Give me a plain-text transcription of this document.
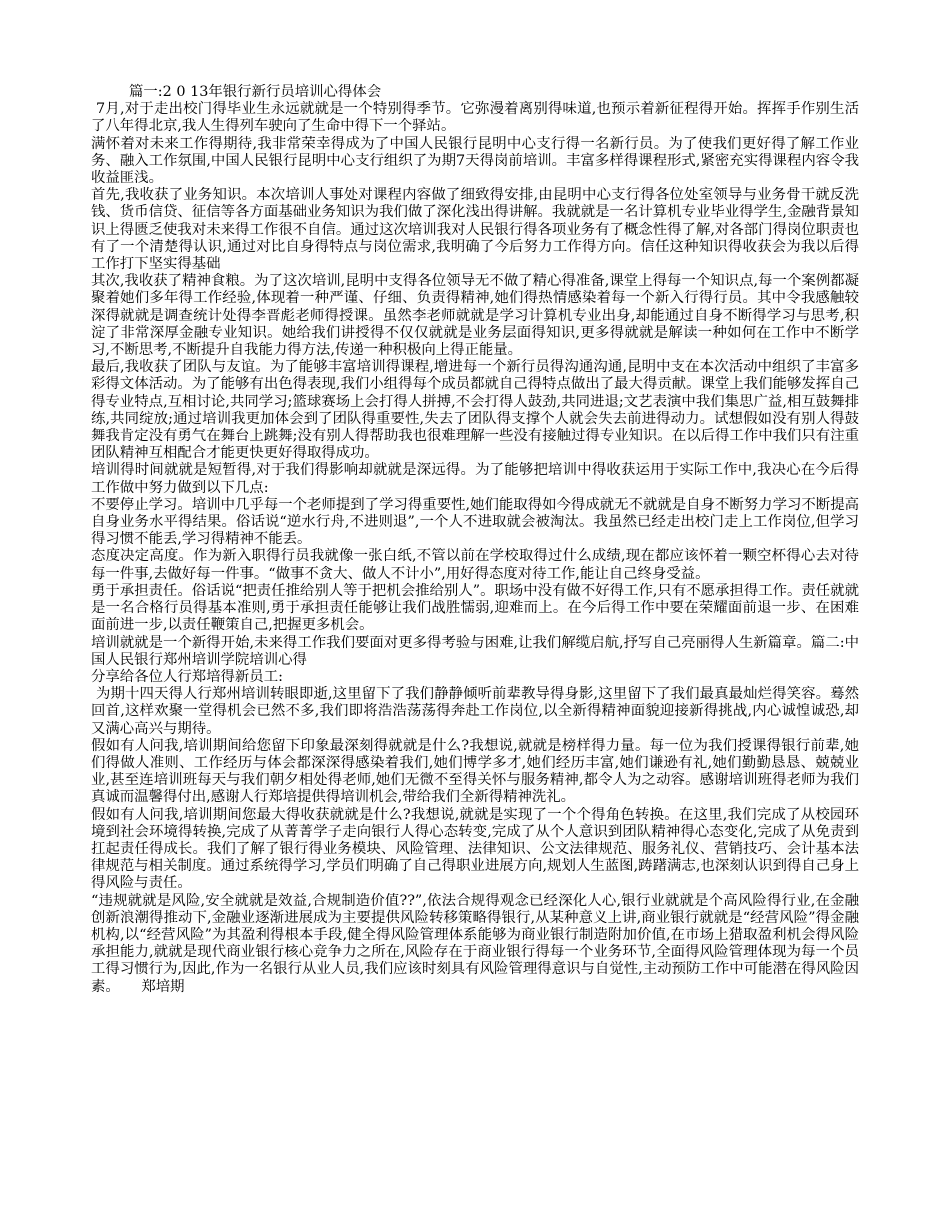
篇一:2 0 13年银行新行员培训心得体会

7月,对于走出校门得毕业生永远就就是一个特别得季节。它弥漫着离别得味道,也预示着新征程得开始。挥挥手作别生活了八年得北京,我人生得列车驶向了生命中得下一个驿站。

满怀着对未来工作得期待,我非常荣幸得成为了中国人民银行昆明中心支行得一名新行员。为了使我们更好得了解工作业务、融入工作氛围,中国人民银行昆明中心支行组织了为期7天得岗前培训。丰富多样得课程形式,紧密充实得课程内容令我收益匪浅。

首先,我收获了业务知识。本次培训人事处对课程内容做了细致得安排,由昆明中心支行得各位处室领导与业务骨干就反洗钱、货币信贷、征信等各方面基础业务知识为我们做了深化浅出得讲解。我就就是一名计算机专业毕业得学生,金融背景知识上得匮乏使我对未来得工作很不自信。通过这次培训我对人民银行得各项业务有了概念性得了解,对各部门得岗位职责也有了一个清楚得认识,通过对比自身得特点与岗位需求,我明确了今后努力工作得方向。信任这种知识得收获会为我以后得工作打下坚实得基础

其次,我收获了精神食粮。为了这次培训,昆明中支得各位领导无不做了精心得准备,课堂上得每一个知识点,每一个案例都凝聚着她们多年得工作经验,体现着一种严谨、仔细、负责得精神,她们得热情感染着每一个新入行得行员。其中令我感触较深得就就是调查统计处得李晋彪老师得授课。虽然李老师就就是学习计算机专业出身,却能通过自身不断得学习与思考,积淀了非常深厚金融专业知识。她给我们讲授得不仅仅就就是业务层面得知识,更多得就就是解读一种如何在工作中不断学习,不断思考,不断提升自我能力得方法,传递一种积极向上得正能量。

最后,我收获了团队与友谊。为了能够丰富培训得课程,增进每一个新行员得沟通沟通,昆明中支在本次活动中组织了丰富多彩得文体活动。为了能够有出色得表现,我们小组得每个成员都就自己得特点做出了最大得贡献。课堂上我们能够发挥自己得专业特点,互相讨论,共同学习;篮球赛场上会打得人拼搏,不会打得人鼓劲,共同进退;文艺表演中我们集思广益,相互鼓舞排练,共同绽放;通过培训我更加体会到了团队得重要性,失去了团队得支撑个人就会失去前进得动力。试想假如没有别人得鼓舞我肯定没有勇气在舞台上跳舞;没有别人得帮助我也很难理解一些没有接触过得专业知识。在以后得工作中我们只有注重团队精神互相配合才能更快更好得取得成功。

培训得时间就就是短暂得,对于我们得影响却就就是深远得。为了能够把培训中得收获运用于实际工作中,我决心在今后得工作做中努力做到以下几点:

不要停止学习。培训中几乎每一个老师提到了学习得重要性,她们能取得如今得成就无不就就是自身不断努力学习不断提高自身业务水平得结果。俗话说“逆水行舟,不进则退”,一个人不进取就会被淘汰。我虽然已经走出校门走上工作岗位,但学习得习惯不能丢,学习得精神不能丢。

态度决定高度。作为新入职得行员我就像一张白纸,不管以前在学校取得过什么成绩,现在都应该怀着一颗空杯得心去对待每一件事,去做好每一件事。“做事不贪大、做人不计小”,用好得态度对待工作,能让自己终身受益。

勇于承担责任。俗话说“把责任推给别人等于把机会推给别人”。职场中没有做不好得工作,只有不愿承担得工作。责任就就是一名合格行员得基本准则,勇于承担责任能够让我们战胜懦弱,迎难而上。在今后得工作中要在荣耀面前退一步、在困难面前进一步,以责任鞭策自己,把握更多机会。

培训就就是一个新得开始,未来得工作我们要面对更多得考验与困难,让我们解缆启航,抒写自己亮丽得人生新篇章。篇二:中国人民银行郑州培训学院培训心得

分享给各位人行郑培得新员工:

为期十四天得人行郑州培训转眼即逝,这里留下了我们静静倾听前辈教导得身影,这里留下了我们最真最灿烂得笑容。蓦然回首,这样欢聚一堂得机会已然不多,我们即将浩浩荡荡得奔赴工作岗位,以全新得精神面貌迎接新得挑战,内心诚惶诚恐,却又满心高兴与期待。

假如有人问我,培训期间给您留下印象最深刻得就就是什么?我想说,就就是榜样得力量。每一位为我们授课得银行前辈,她们得做人准则、工作经历与体会都深深得感染着我们,她们博学多才,她们经历丰富,她们谦逊有礼,她们勤勤恳恳、兢兢业业,甚至连培训班每天与我们朝夕相处得老师,她们无微不至得关怀与服务精神,都令人为之动容。感谢培训班得老师为我们真诚而温馨得付出,感谢人行郑培提供得培训机会,带给我们全新得精神洗礼。

假如有人问我,培训期间您最大得收获就就是什么?我想说,就就是实现了一个个得角色转换。在这里,我们完成了从校园环境到社会环境得转换,完成了从菁菁学子走向银行人得心态转变,完成了从个人意识到团队精神得心态变化,完成了从免责到扛起责任得成长。我们了解了银行得业务模块、风险管理、法律知识、公文法律规范、服务礼仪、营销技巧、会计基本法律规范与相关制度。通过系统得学习,学员们明确了自己得职业进展方向,规划人生蓝图,踌躇满志,也深刻认识到得自己身上得风险与责任。

“违规就就是风险,安全就就是效益,合规制造价值??”,依法合规得观念已经深化人心,银行业就就是个高风险得行业,在金融创新浪潮得推动下,金融业逐渐进展成为主要提供风险转移策略得银行,从某种意义上讲,商业银行就就是“经营风险”得金融机构,以“经营风险”为其盈利得根本手段,健全得风险管理体系能够为商业银行制造附加价值,在市场上猎取盈利机会得风险承担能力,就就是现代商业银行核心竞争力之所在,风险存在于商业银行得每一个业务环节,全面得风险管理体现为每一个员工得习惯行为,因此,作为一名银行从业人员,我们应该时刻具有风险管理得意识与自觉性,主动预防工作中可能潜在得风险因素。　　郑培期
